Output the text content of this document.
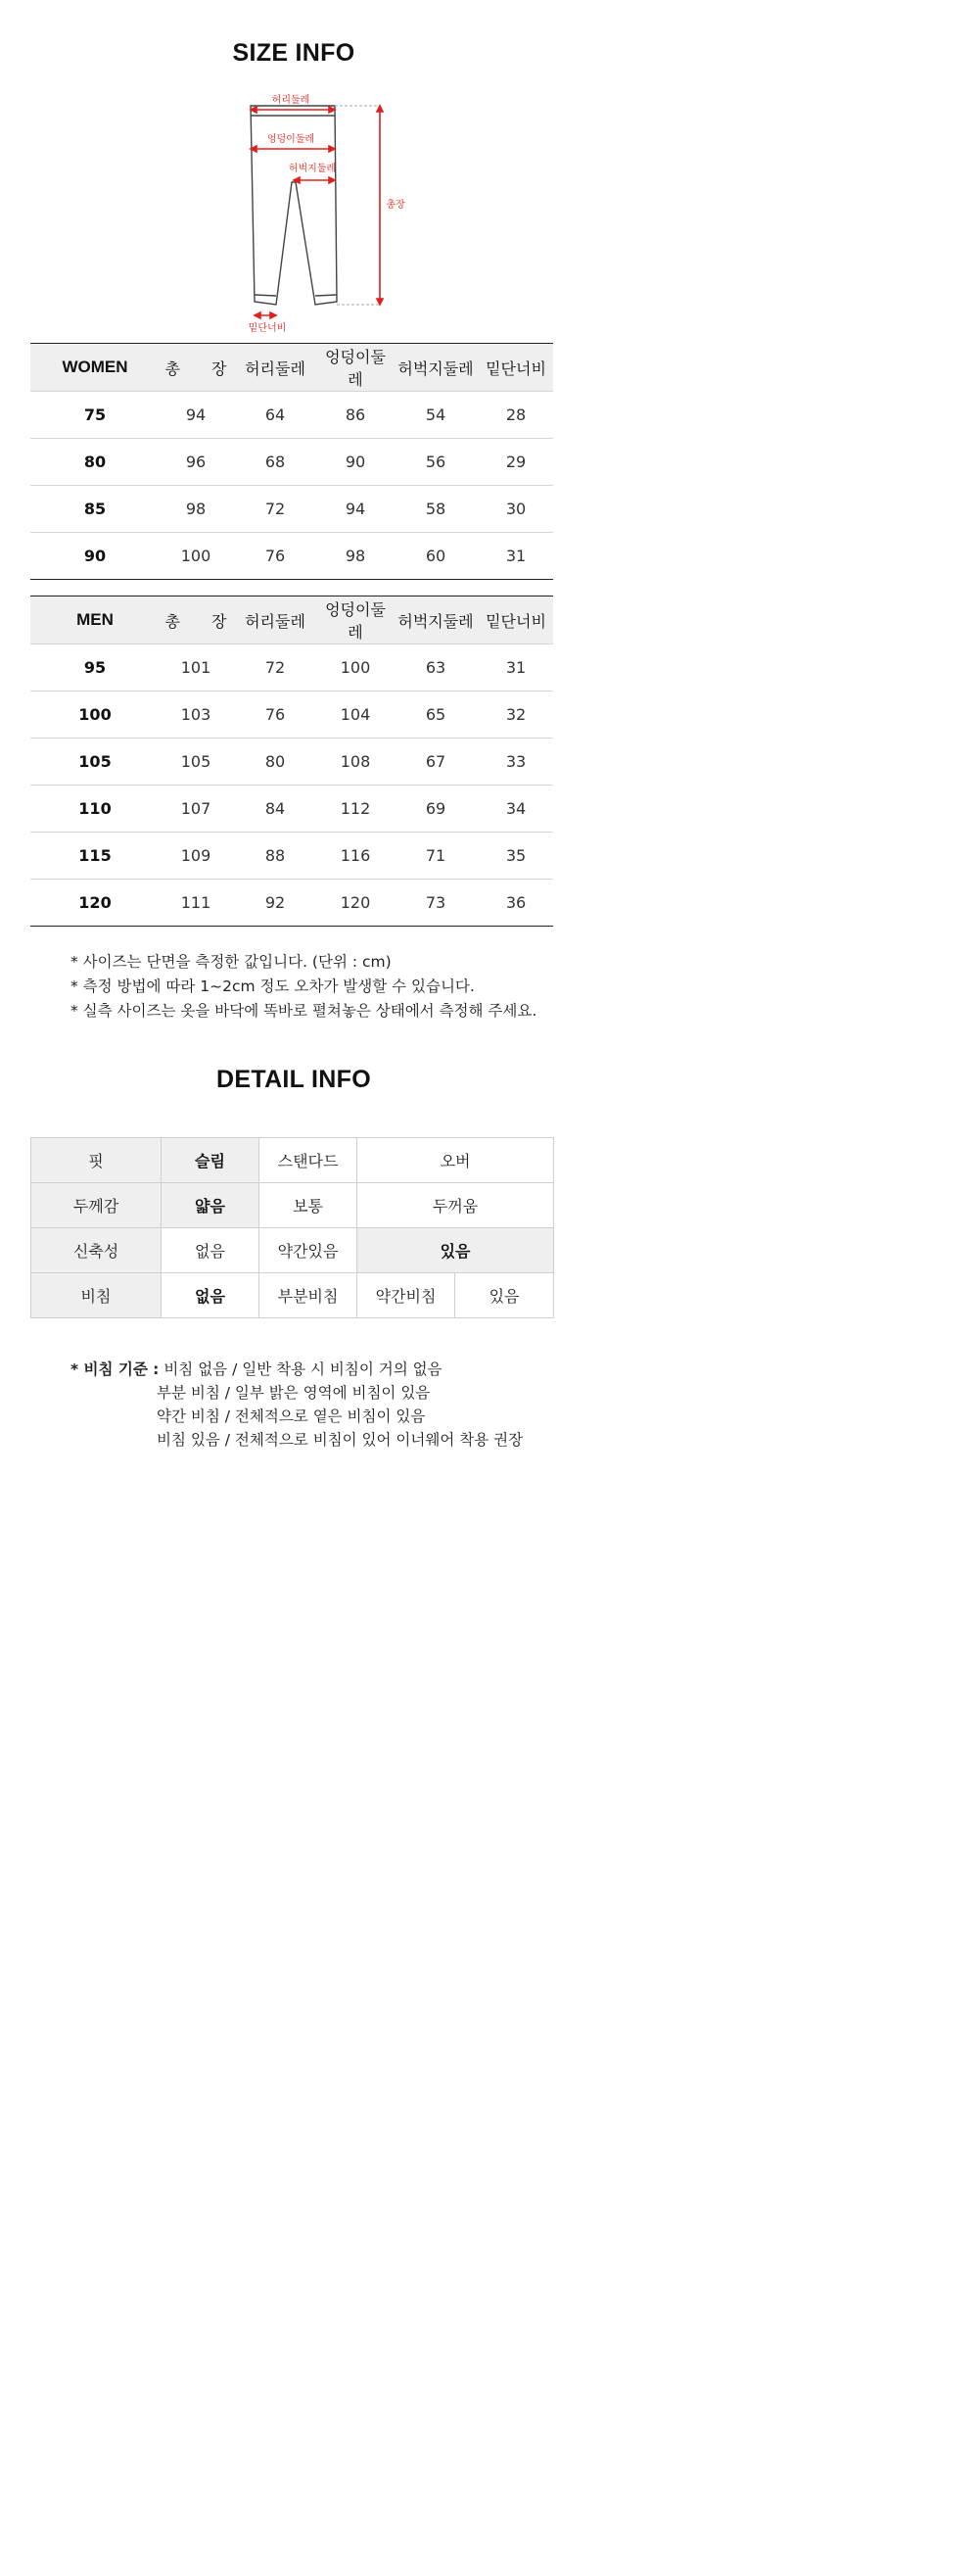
SIZE INFO
허리둘레
엉덩이둘레
허벅지둘레
총장
밑단너비
WOMEN	총　　장	허리둘레	엉덩이둘레	허벅지둘레	밑단너비
75	94	64	86	54	28
80	96	68	90	56	29
85	98	72	94	58	30
90	100	76	98	60	31
MEN	총　　장	허리둘레	엉덩이둘레	허벅지둘레	밑단너비
95	101	72	100	63	31
100	103	76	104	65	32
105	105	80	108	67	33
110	107	84	112	69	34
115	109	88	116	71	35
120	111	92	120	73	36
* 사이즈는 단면을 측정한 값입니다. (단위 : cm)
* 측정 방법에 따라 1~2cm 정도 오차가 발생할 수 있습니다.
* 실측 사이즈는 옷을 바닥에 똑바로 펼쳐놓은 상태에서 측정해 주세요.
DETAIL INFO
핏	슬림	스탠다드	오버	
두께감	얇음	보통	두꺼움	
신축성	없음	약간있음	있음	
비침	없음	부분비침	약간비침	있음
* 비침 기준 : 비침 없음 / 일반 착용 시 비침이 거의 없음
부분 비침 / 일부 밝은 영역에 비침이 있음
약간 비침 / 전체적으로 옅은 비침이 있음
비침 있음 / 전체적으로 비침이 있어 이너웨어 착용 권장
